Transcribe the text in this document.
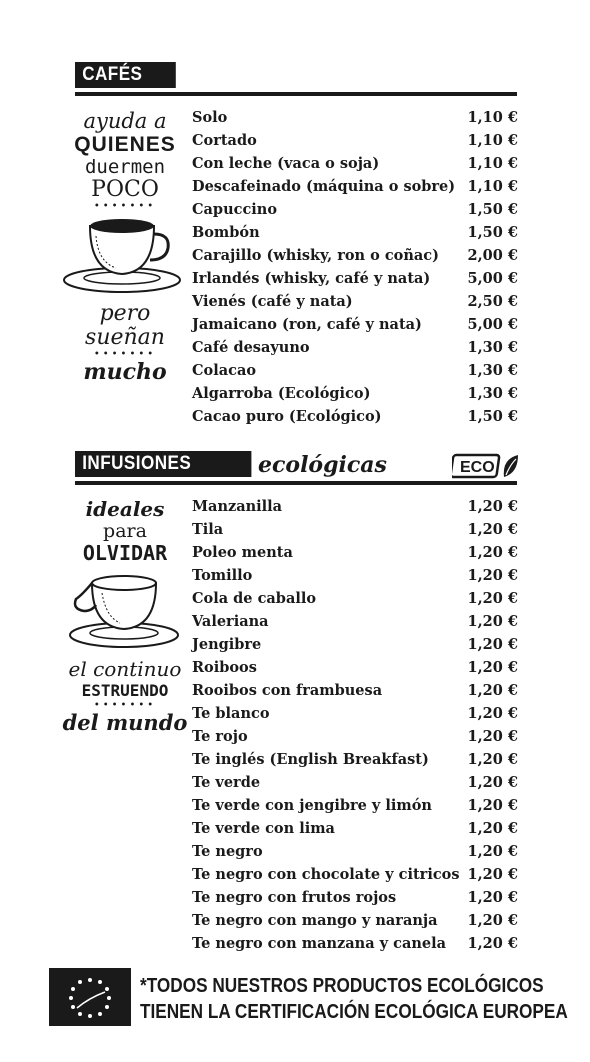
CAFÉS
ayuda a
QUIENES
duermen
POCO
•••••••
pero sueñan
•••••••
mucho
Solo	1,10 €
Cortado	1,10 €
Con leche (vaca o soja)	1,10 €
Descafeinado (máquina o sobre) 1,10 €
Capuccino	1,50 €
Bombón	1,50 €
Carajillo (whisky, ron o coñac) 2,00 €
Irlandés (whisky, café y nata)	5,00 €
Vienés (café y nata)	2,50 €
Jamaicano (ron, café y nata)	5,00 €
Café desayuno	1,30 €
Colacao	1,30 €
Algarroba (Ecológico)	1,30 €
Cacao puro (Ecológico)	1,50 €
INFUSIONES	ecológicas	ECO
ideales
para
OLVIDAR
el continuo
ESTRUENDO
•••••••
del mundo
Manzanilla	1,20 €
Tila	1,20 €
Poleo menta	1,20 €
Tomillo	1,20 €
Cola de caballo	1,20 €
Valeriana	1,20 €
Jengibre	1,20 €
Roiboos	1,20 €
Rooibos con frambuesa	1,20 €
Te blanco	1,20 €
Te rojo	1,20 €
Te inglés (English Breakfast)	1,20 €
Te verde	1,20 €
Te verde con jengibre y limón 1,20 €
Te verde con lima	1,20 €
Te negro	1,20 €
Te negro con chocolate y citricos 1,20 €
Te negro con frutos rojos	1,20 €
Te negro con mango y naranja 1,20 €
Te negro con manzana y canela 1,20 €
*TODOS NUESTROS PRODUCTOS ECOLÓGICOS
TIENEN LA CERTIFICACIÓN ECOLÓGICA EUROPEA
